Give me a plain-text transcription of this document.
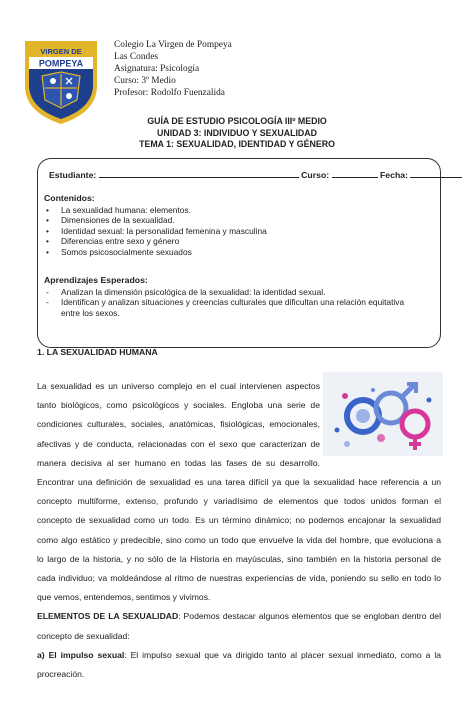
VIRGEN DE
POMPEYA
Colegio La Virgen de Pompeya
Las Condes
Asignatura: Psicología
Curso: 3º Medio
Profesor: Rodolfo Fuenzalida
GUÍA DE ESTUDIO PSICOLOGÍA IIIº MEDIO
UNIDAD 3: INDIVIDUO Y SEXUALIDAD
TEMA 1: SEXUALIDAD, IDENTIDAD Y GÉNERO
Estudiante:	Curso:	Fecha:
Contenidos:
• La sexualidad humana: elementos.
• Dimensiones de la sexualidad.
• Identidad sexual: la personalidad femenina y masculina
• Diferencias entre sexo y género
• Somos psicosocialmente sexuados
Aprendizajes Esperados:
- Analizan la dimensión psicológica de la sexualidad: la identidad sexual.
- Identifican y analizan situaciones y creencias culturales que dificultan una relación equitativa
entre los sexos.
1. LA SEXUALIDAD HUMANA
La sexualidad es un universo complejo en el cual intervienen aspectos
tanto biológicos, como psicológicos y sociales. Engloba una serie de
condiciones culturales, sociales, anatómicas, fisiológicas, emocionales,
afectivas y de conducta, relacionadas con el sexo que caracterizan de
manera decisiva al ser humano en todas las fases de su desarrollo.
Encontrar una definición de sexualidad es una tarea difícil ya que la sexualidad hace referencia a un
concepto multiforme, extenso, profundo y variadísimo de elementos que todos unidos forman el
concepto de sexualidad como un todo. Es un término dinámico; no podemos encajonar la sexualidad
como algo estático y predecible, sino como un todo que envuelve la vida del hombre, que evoluciona a
lo largo de la historia, y no sólo de la Historia en mayúsculas, sino también en la historia personal de
cada individuo; va moldeándose al ritmo de nuestras experiencias de vida, poniendo su sello en todo lo
que vemos, entendemos, sentimos y vivimos.
ELEMENTOS DE LA SEXUALIDAD: Podemos destacar algunos elementos que se engloban dentro del
concepto de sexualidad:
a) El impulso sexual: El impulso sexual que va dirigido tanto al placer sexual inmediato, como a la
procreación.
